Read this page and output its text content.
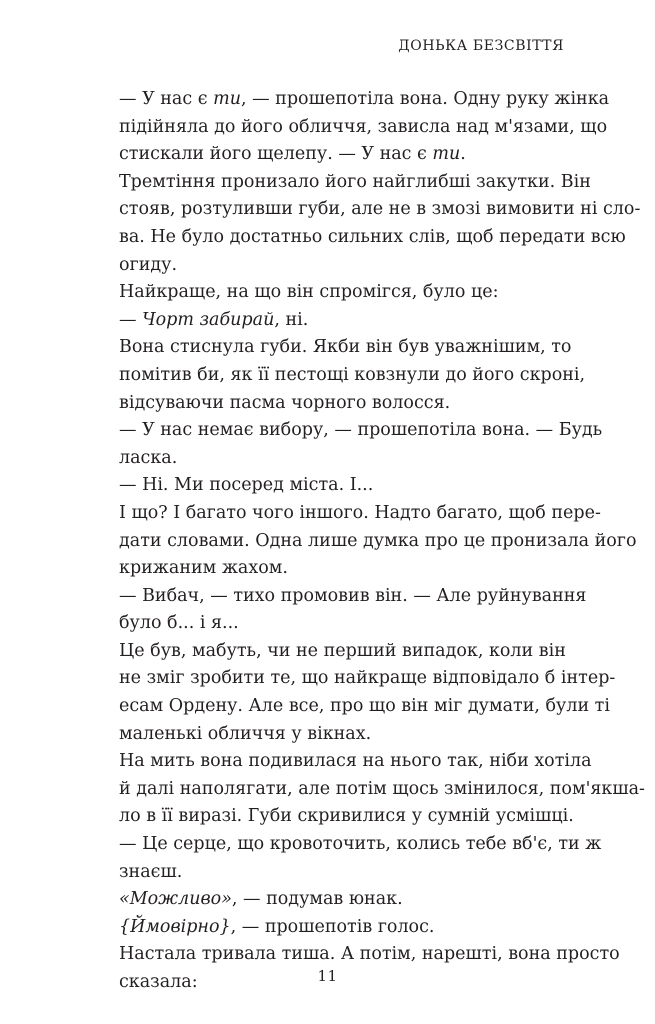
ДОНЬКА БЕЗСВІТТЯ
— У нас є ти, — прошепотіла вона. Одну руку жінка
підійняла до його обличчя, зависла над м'язами, що
стискали його щелепу. — У нас є ти.
Тремтіння пронизало його найглибші закутки. Він
стояв, розтуливши губи, але не в змозі вимовити ні сло-
ва. Не було достатньо сильних слів, щоб передати всю
огиду.
Найкраще, на що він спромігся, було це:
— Чорт забирай, ні.
Вона стиснула губи. Якби він був уважнішим, то
помітив би, як її пестощі ковзнули до його скроні,
відсуваючи пасма чорного волосся.
— У нас немає вибору, — прошепотіла вона. — Будь
ласка.
— Ні. Ми посеред міста. І...
І що? І багато чого іншого. Надто багато, щоб пере-
дати словами. Одна лише думка про це пронизала його
крижаним жахом.
— Вибач, — тихо промовив він. — Але руйнування
було б... і я...
Це був, мабуть, чи не перший випадок, коли він
не зміг зробити те, що найкраще відповідало б інтер-
есам Ордену. Але все, про що він міг думати, були ті
маленькі обличчя у вікнах.
На мить вона подивилася на нього так, ніби хотіла
й далі наполягати, але потім щось змінилося, пом'якша-
ло в її виразі. Губи скривилися у сумній усмішці.
— Це серце, що кровоточить, колись тебе вб'є, ти ж
знаєш.
«Можливо», — подумав юнак.
{Ймовірно}, — прошепотів голос.
Настала тривала тиша. А потім, нарешті, вона просто
сказала:	11
